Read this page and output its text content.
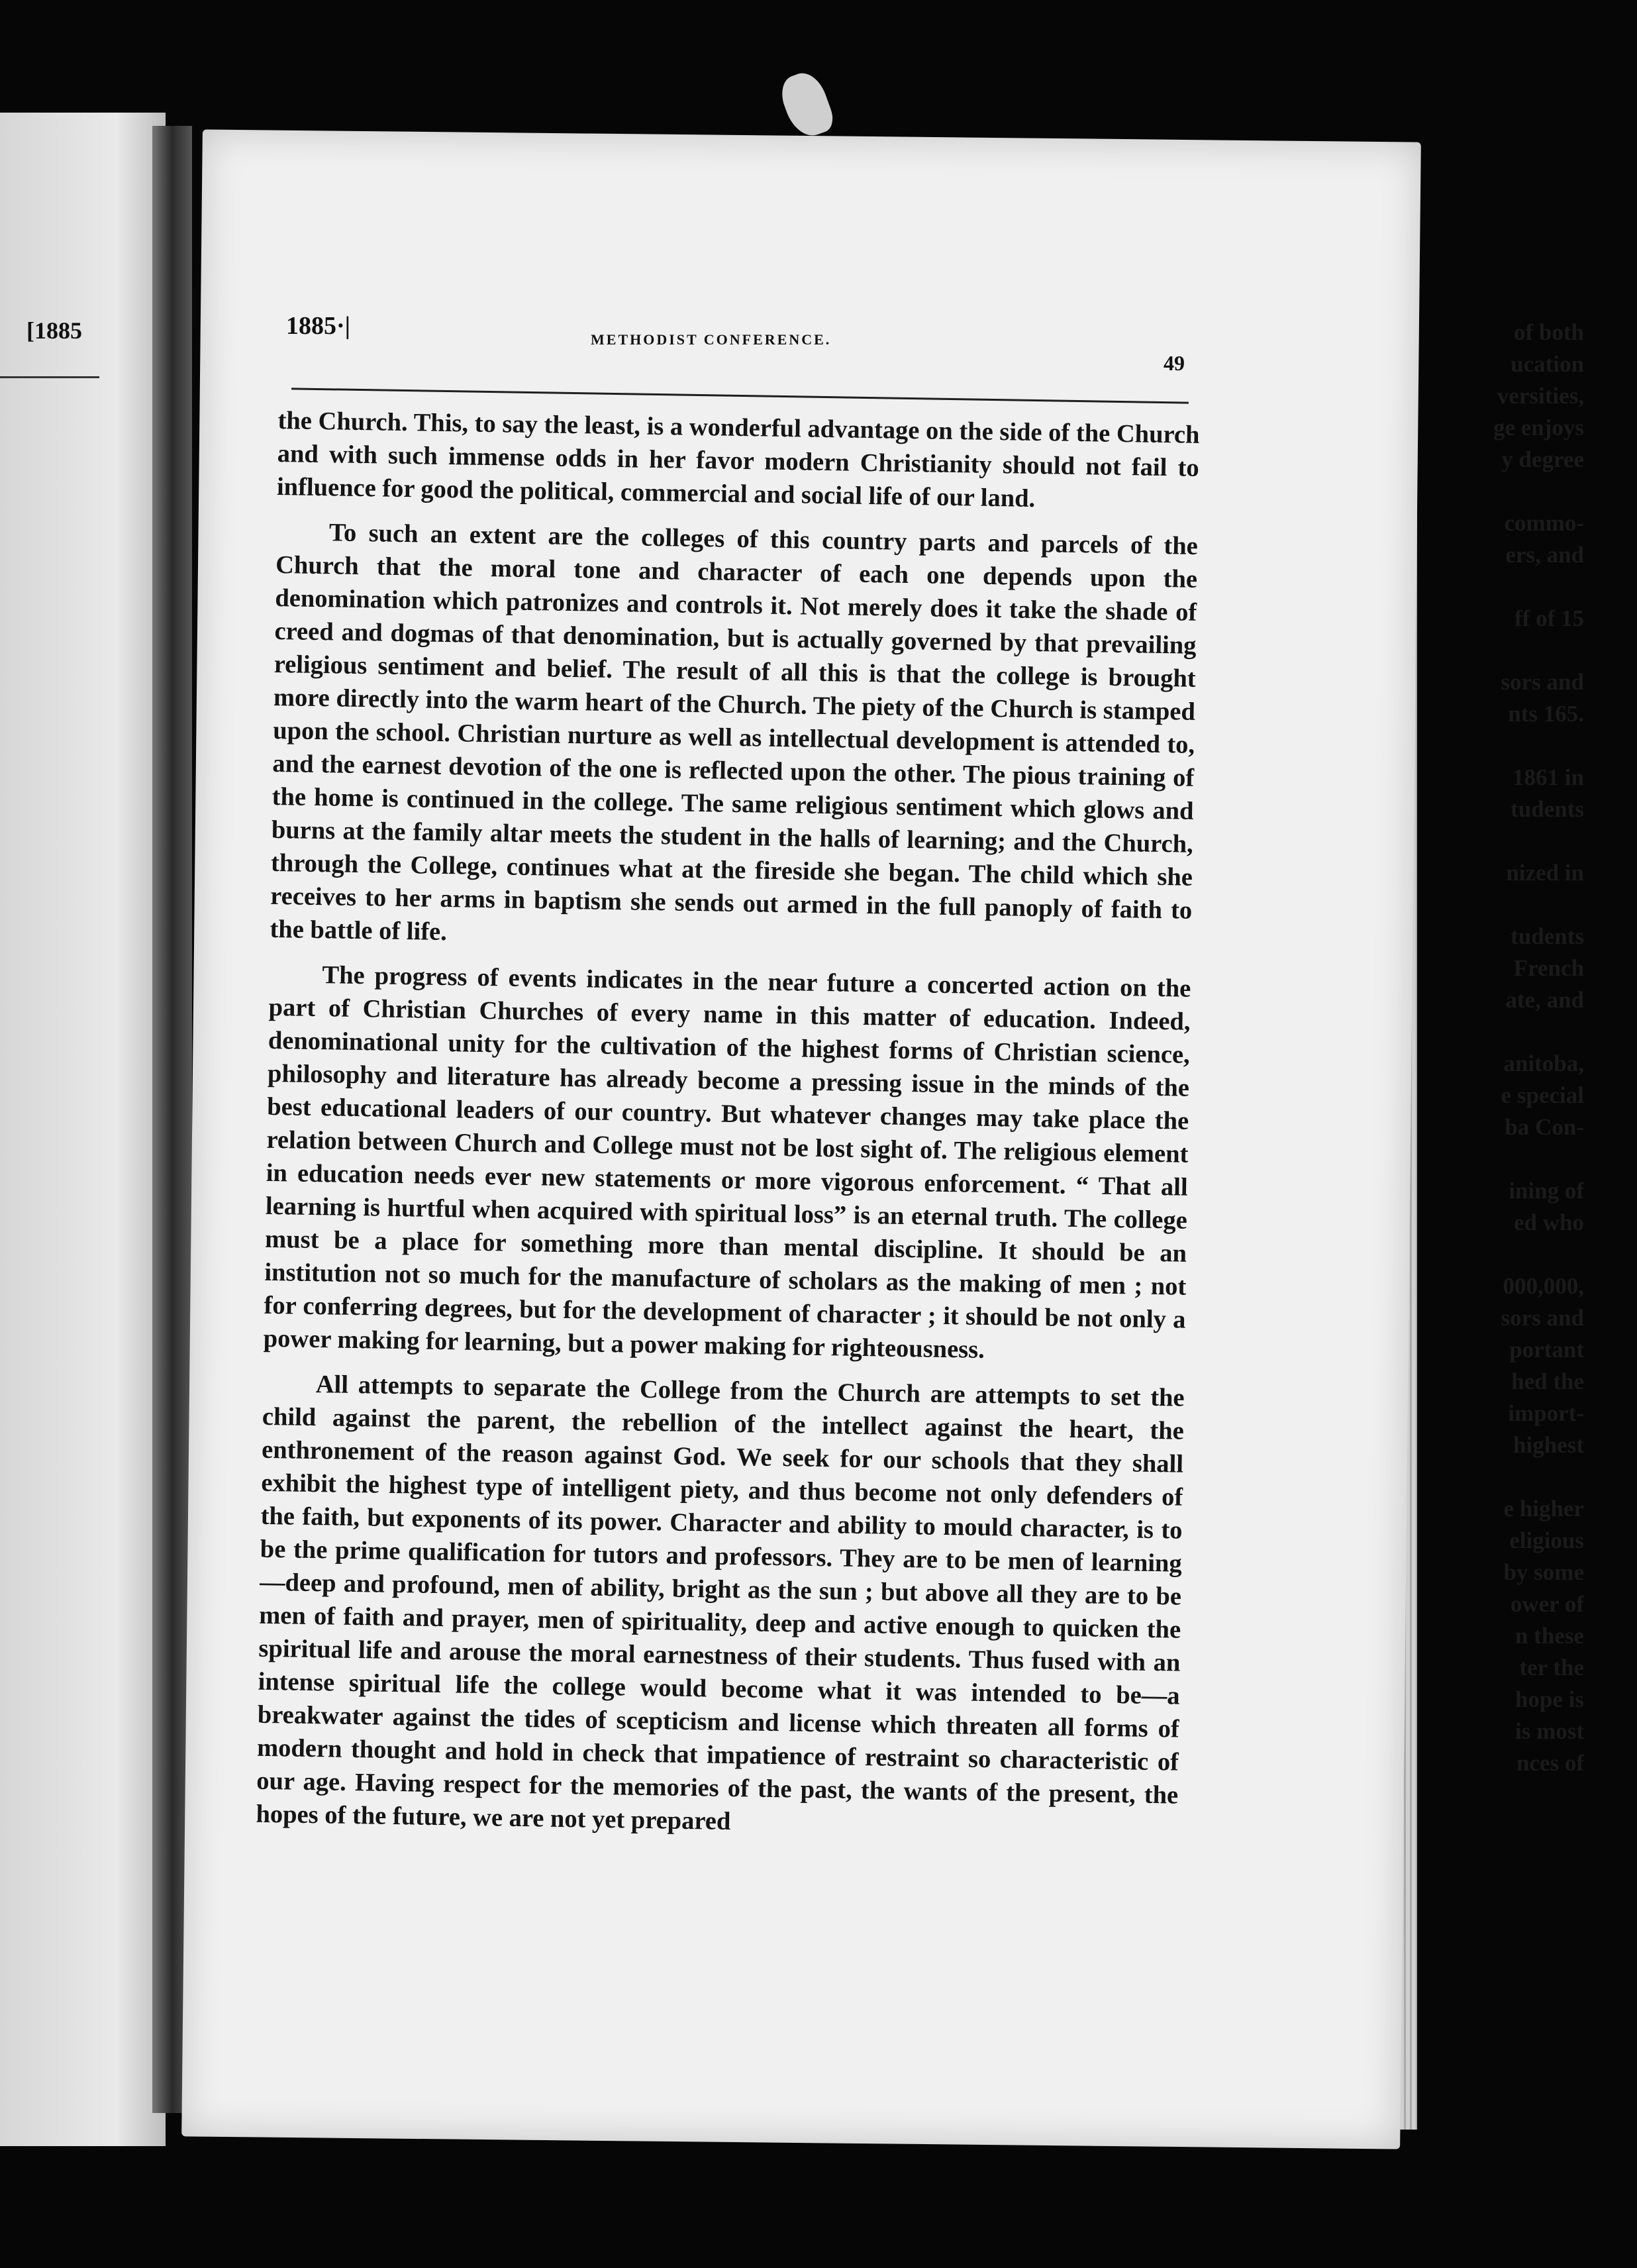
[1885	of both
ucation
versities,
ge enjoys
y degree

commo-
ers, and

ff of 15

sors and
nts 165.

1861 in
tudents

nized in

tudents
French
ate, and

anitoba,
e special
ba Con-

ining of
ed who

000,000,
sors and
portant
hed the
import-
highest

e higher
eligious
by some
ower of
n these
ter the
hope is
is most
nces of
1885·|	METHODIST CONFERENCE.
49

the Church. This, to say the least, is a wonderful advantage on the side of the Church and with such immense odds in her favor modern Christianity should not fail to influence for good the political, commercial and social life of our land.

To such an extent are the colleges of this country parts and parcels of the Church that the moral tone and character of each one depends upon the denomination which patronizes and controls it. Not merely does it take the shade of creed and dogmas of that denomination, but is actually governed by that prevailing religious sentiment and belief. The result of all this is that the college is brought more directly into the warm heart of the Church. The piety of the Church is stamped upon the school. Christian nurture as well as intellectual development is attended to, and the earnest devotion of the one is reflected upon the other. The pious training of the home is continued in the college. The same religious sentiment which glows and burns at the family altar meets the student in the halls of learning; and the Church, through the College, continues what at the fireside she began. The child which she receives to her arms in baptism she sends out armed in the full panoply of faith to the battle of life.

The progress of events indicates in the near future a concerted action on the part of Christian Churches of every name in this matter of education. Indeed, denominational unity for the cultivation of the highest forms of Christian science, philosophy and literature has already become a pressing issue in the minds of the best educational leaders of our country. But whatever changes may take place the relation between Church and College must not be lost sight of. The religious element in education needs ever new statements or more vigorous enforcement. “ That all learning is hurtful when acquired with spiritual loss” is an eternal truth. The college must be a place for something more than mental discipline. It should be an institution not so much for the manufacture of scholars as the making of men ; not for conferring degrees, but for the development of character ; it should be not only a power making for learning, but a power making for righteousness.

All attempts to separate the College from the Church are attempts to set the child against the parent, the rebellion of the intellect against the heart, the enthronement of the reason against God. We seek for our schools that they shall exhibit the highest type of intelligent piety, and thus become not only defenders of the faith, but exponents of its power. Character and ability to mould character, is to be the prime qualification for tutors and professors. They are to be men of learning—deep and profound, men of ability, bright as the sun ; but above all they are to be men of faith and prayer, men of spirituality, deep and active enough to quicken the spiritual life and arouse the moral earnestness of their students. Thus fused with an intense spiritual life the college would become what it was intended to be—a breakwater against the tides of scepticism and license which threaten all forms of modern thought and hold in check that impatience of restraint so characteristic of our age. Having respect for the memories of the past, the wants of the present, the hopes of the future, we are not yet prepared
